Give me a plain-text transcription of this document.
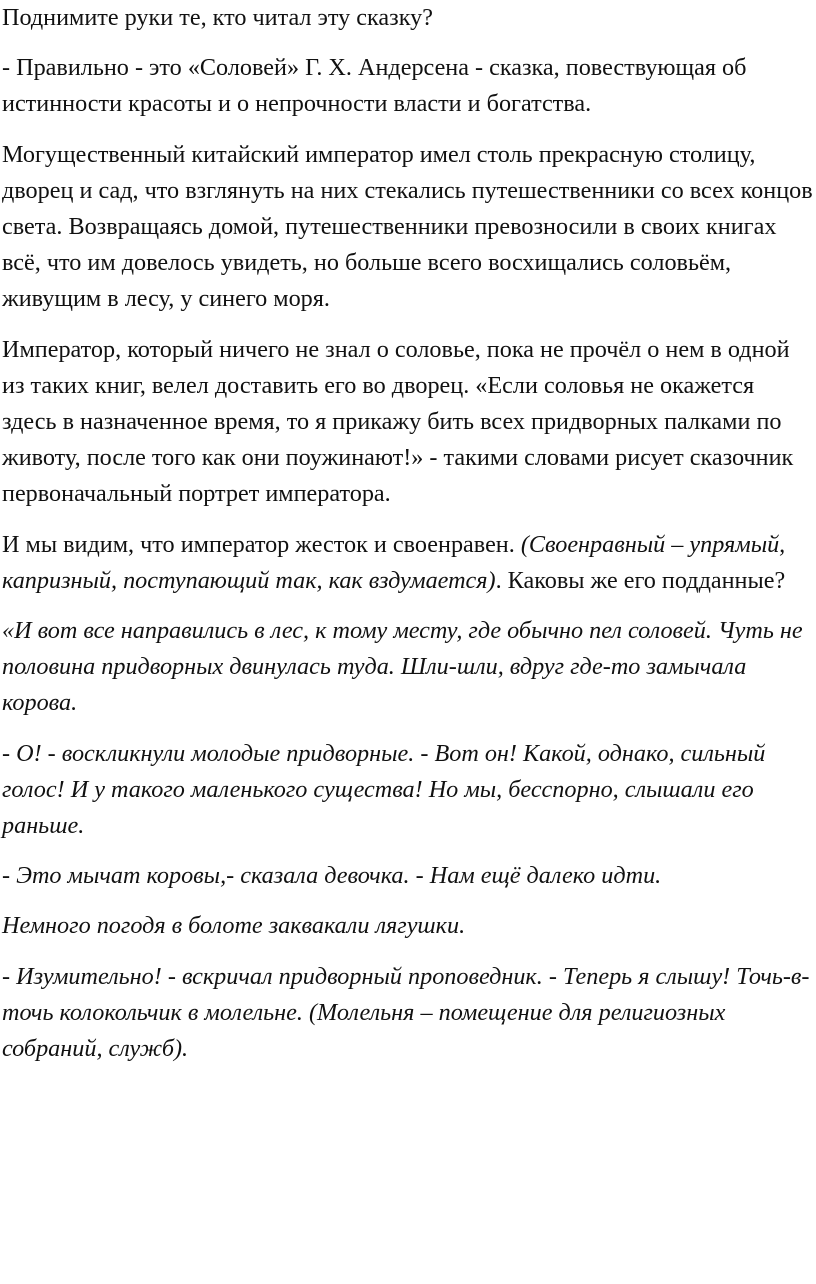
Поднимите руки те, кто читал эту сказку?

- Правильно - это «Соловей» Г. Х. Андерсена - сказка, повествующая об истинности красоты и о непрочности власти и богатства.

Могущественный китайский император имел столь прекрасную столицу, дворец и сад, что взглянуть на них стекались путешественники со всех концов света. Возвращаясь домой, путешественники превозносили в своих книгах всё, что им довелось увидеть, но больше всего восхищались соловьём, живущим в лесу, у синего моря.

Император, который ничего не знал о соловье, пока не прочёл о нем в одной из таких книг, велел доставить его во дворец. «Если соловья не окажется здесь в назначенное время, то я прикажу бить всех придворных палками по животу, после того как они поужинают!» - такими словами рисует сказочник первоначальный портрет императора.

И мы видим, что император жесток и своенравен. (Своенравный – упрямый, капризный, поступающий так, как вздумается). Каковы же его подданные?

«И вот все направились в лес, к тому месту, где обычно пел соловей. Чуть не половина придворных двинулась туда. Шли-шли, вдруг где-то замычала корова.

- О! - воскликнули молодые придворные. - Вот он! Какой, однако, сильный голос! И у такого маленького существа! Но мы, бесспорно, слышали его раньше.

- Это мычат коровы,- сказала девочка. - Нам ещё далеко идти.

Немного погодя в болоте заквакали лягушки.

- Изумительно! - вскричал придворный проповедник. - Теперь я слышу! Точь-в-точь колокольчик в молельне. (Молельня – помещение для религиозных собраний, служб).
